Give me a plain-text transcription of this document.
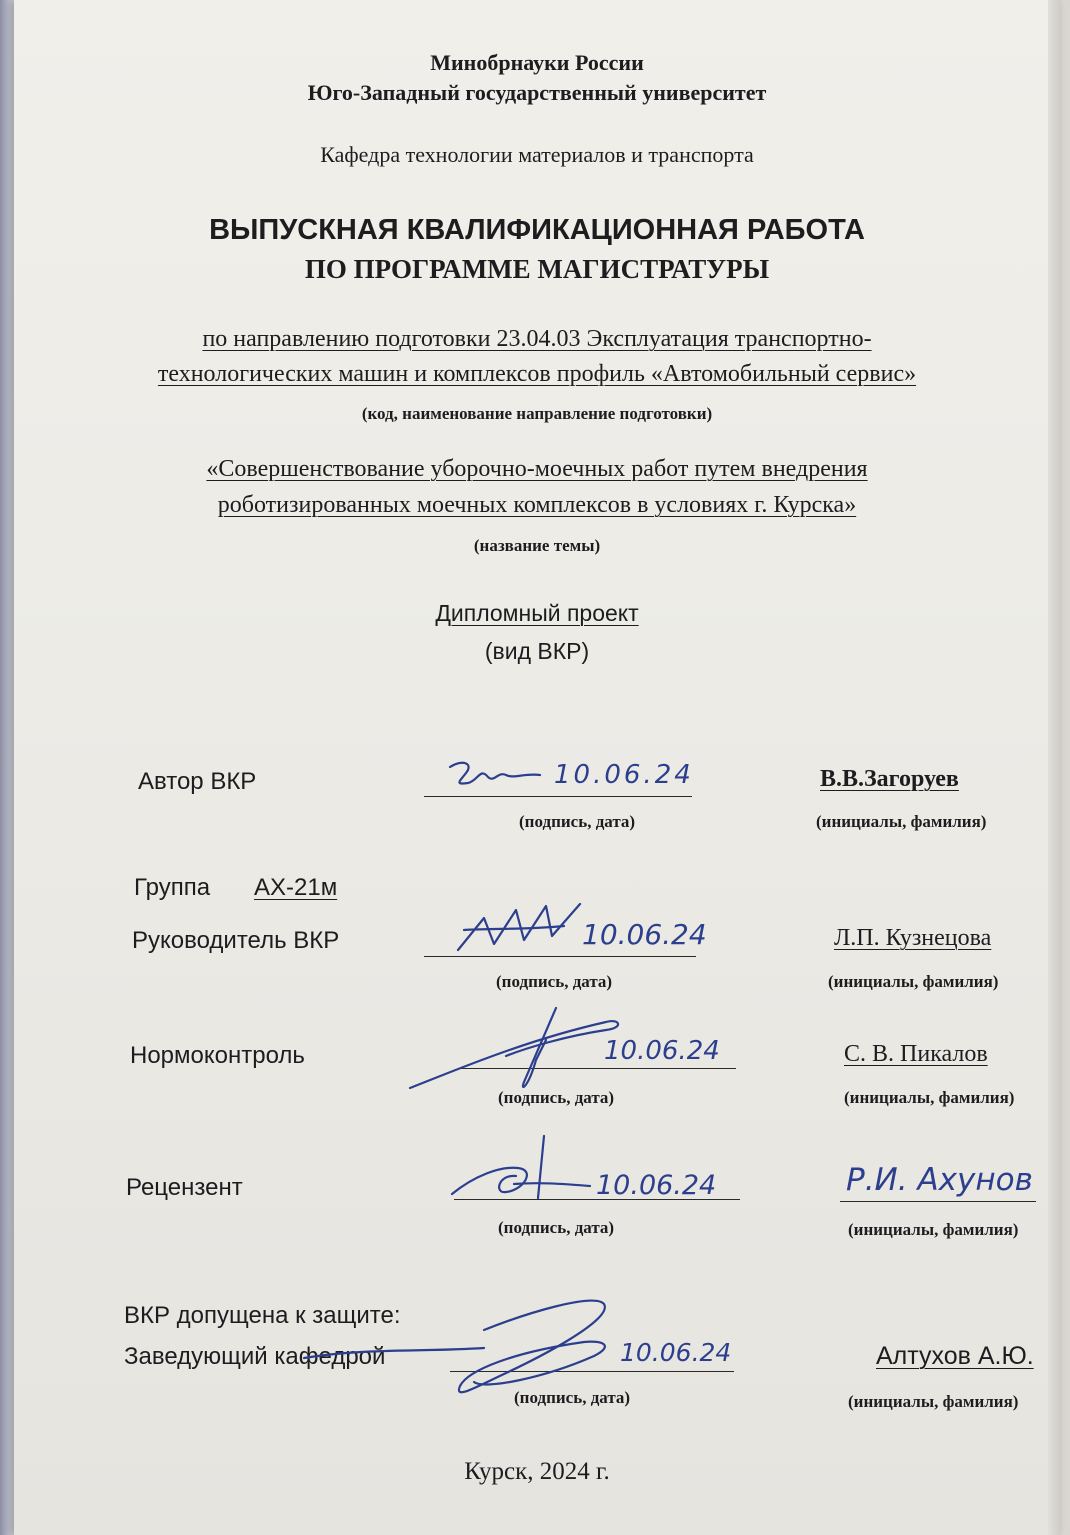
Минобрнауки России
Юго-Западный государственный университет
Кафедра технологии материалов и транспорта
ВЫПУСКНАЯ КВАЛИФИКАЦИОННАЯ РАБОТА
ПО ПРОГРАММЕ МАГИСТРАТУРЫ
по направлению подготовки 23.04.03 Эксплуатация транспортно-
технологических машин и комплексов профиль «Автомобильный сервис»
(код, наименование направление подготовки)
«Совершенствование уборочно-моечных работ путем внедрения
роботизированных моечных комплексов в условиях г. Курска»
(название темы)
Дипломный проект
(вид ВКР)
Автор ВКР	10.06.24
(подпись, дата)
В.В.Загоруев
(инициалы, фамилия)
Группа АХ-21м
Руководитель ВКР	10.06.24
(подпись, дата)
Л.П. Кузнецова
(инициалы, фамилия)
Нормоконтроль	10.06.24
(подпись, дата)
С. В. Пикалов
(инициалы, фамилия)
Рецензент	10.06.24
(подпись, дата)
Р.И. Ахунов
(инициалы, фамилия)
ВКР допущена к защите:
Заведующий кафедрой	10.06.24
(подпись, дата)
Алтухов А.Ю.
(инициалы, фамилия)
Курск, 2024 г.
